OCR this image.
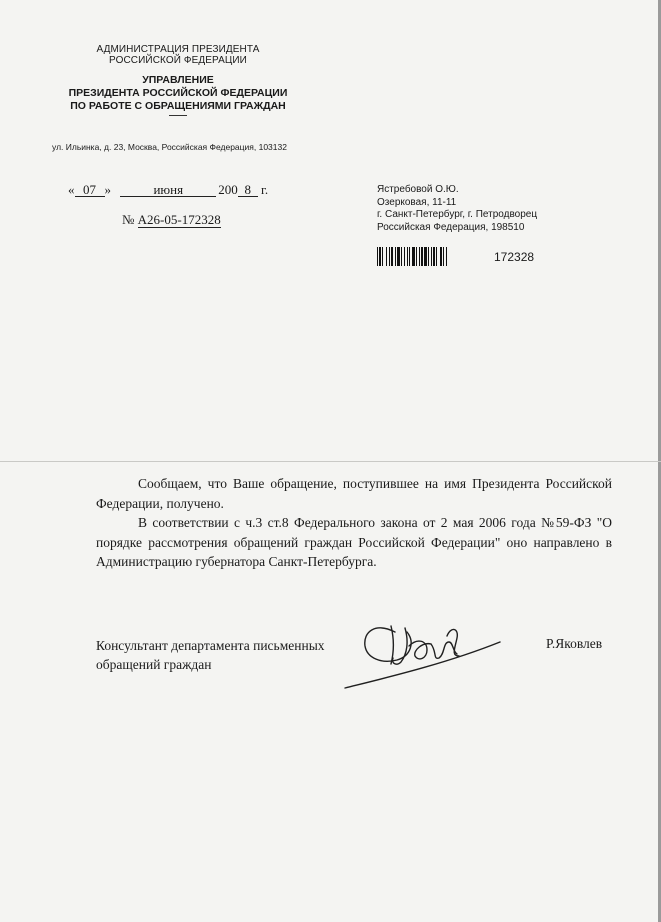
АДМИНИСТРАЦИЯ ПРЕЗИДЕНТА
РОССИЙСКОЙ ФЕДЕРАЦИИ
УПРАВЛЕНИЕ
ПРЕЗИДЕНТА РОССИЙСКОЙ ФЕДЕРАЦИИ
ПО РАБОТЕ С ОБРАЩЕНИЯМИ ГРАЖДАН
ул. Ильинка, д. 23, Москва, Российская Федерация, 103132
« 07 »	июня	200 8 г.
№ А26-05-172328
Ястребовой О.Ю.
Озерковая, 11-11
г. Санкт-Петербург, г. Петродворец
Российская Федерация, 198510
172328

Сообщаем, что Ваше обращение, поступившее на имя Президента Российской Федерации, получено.

В соответствии с ч.3 ст.8 Федерального закона от 2 мая 2006 года №59-ФЗ "О порядке рассмотрения обращений граждан Российской Федерации" оно направлено в Администрацию губернатора Санкт-Петербурга.

Консультант департамента письменных
обращений граждан
Р.Яковлев
